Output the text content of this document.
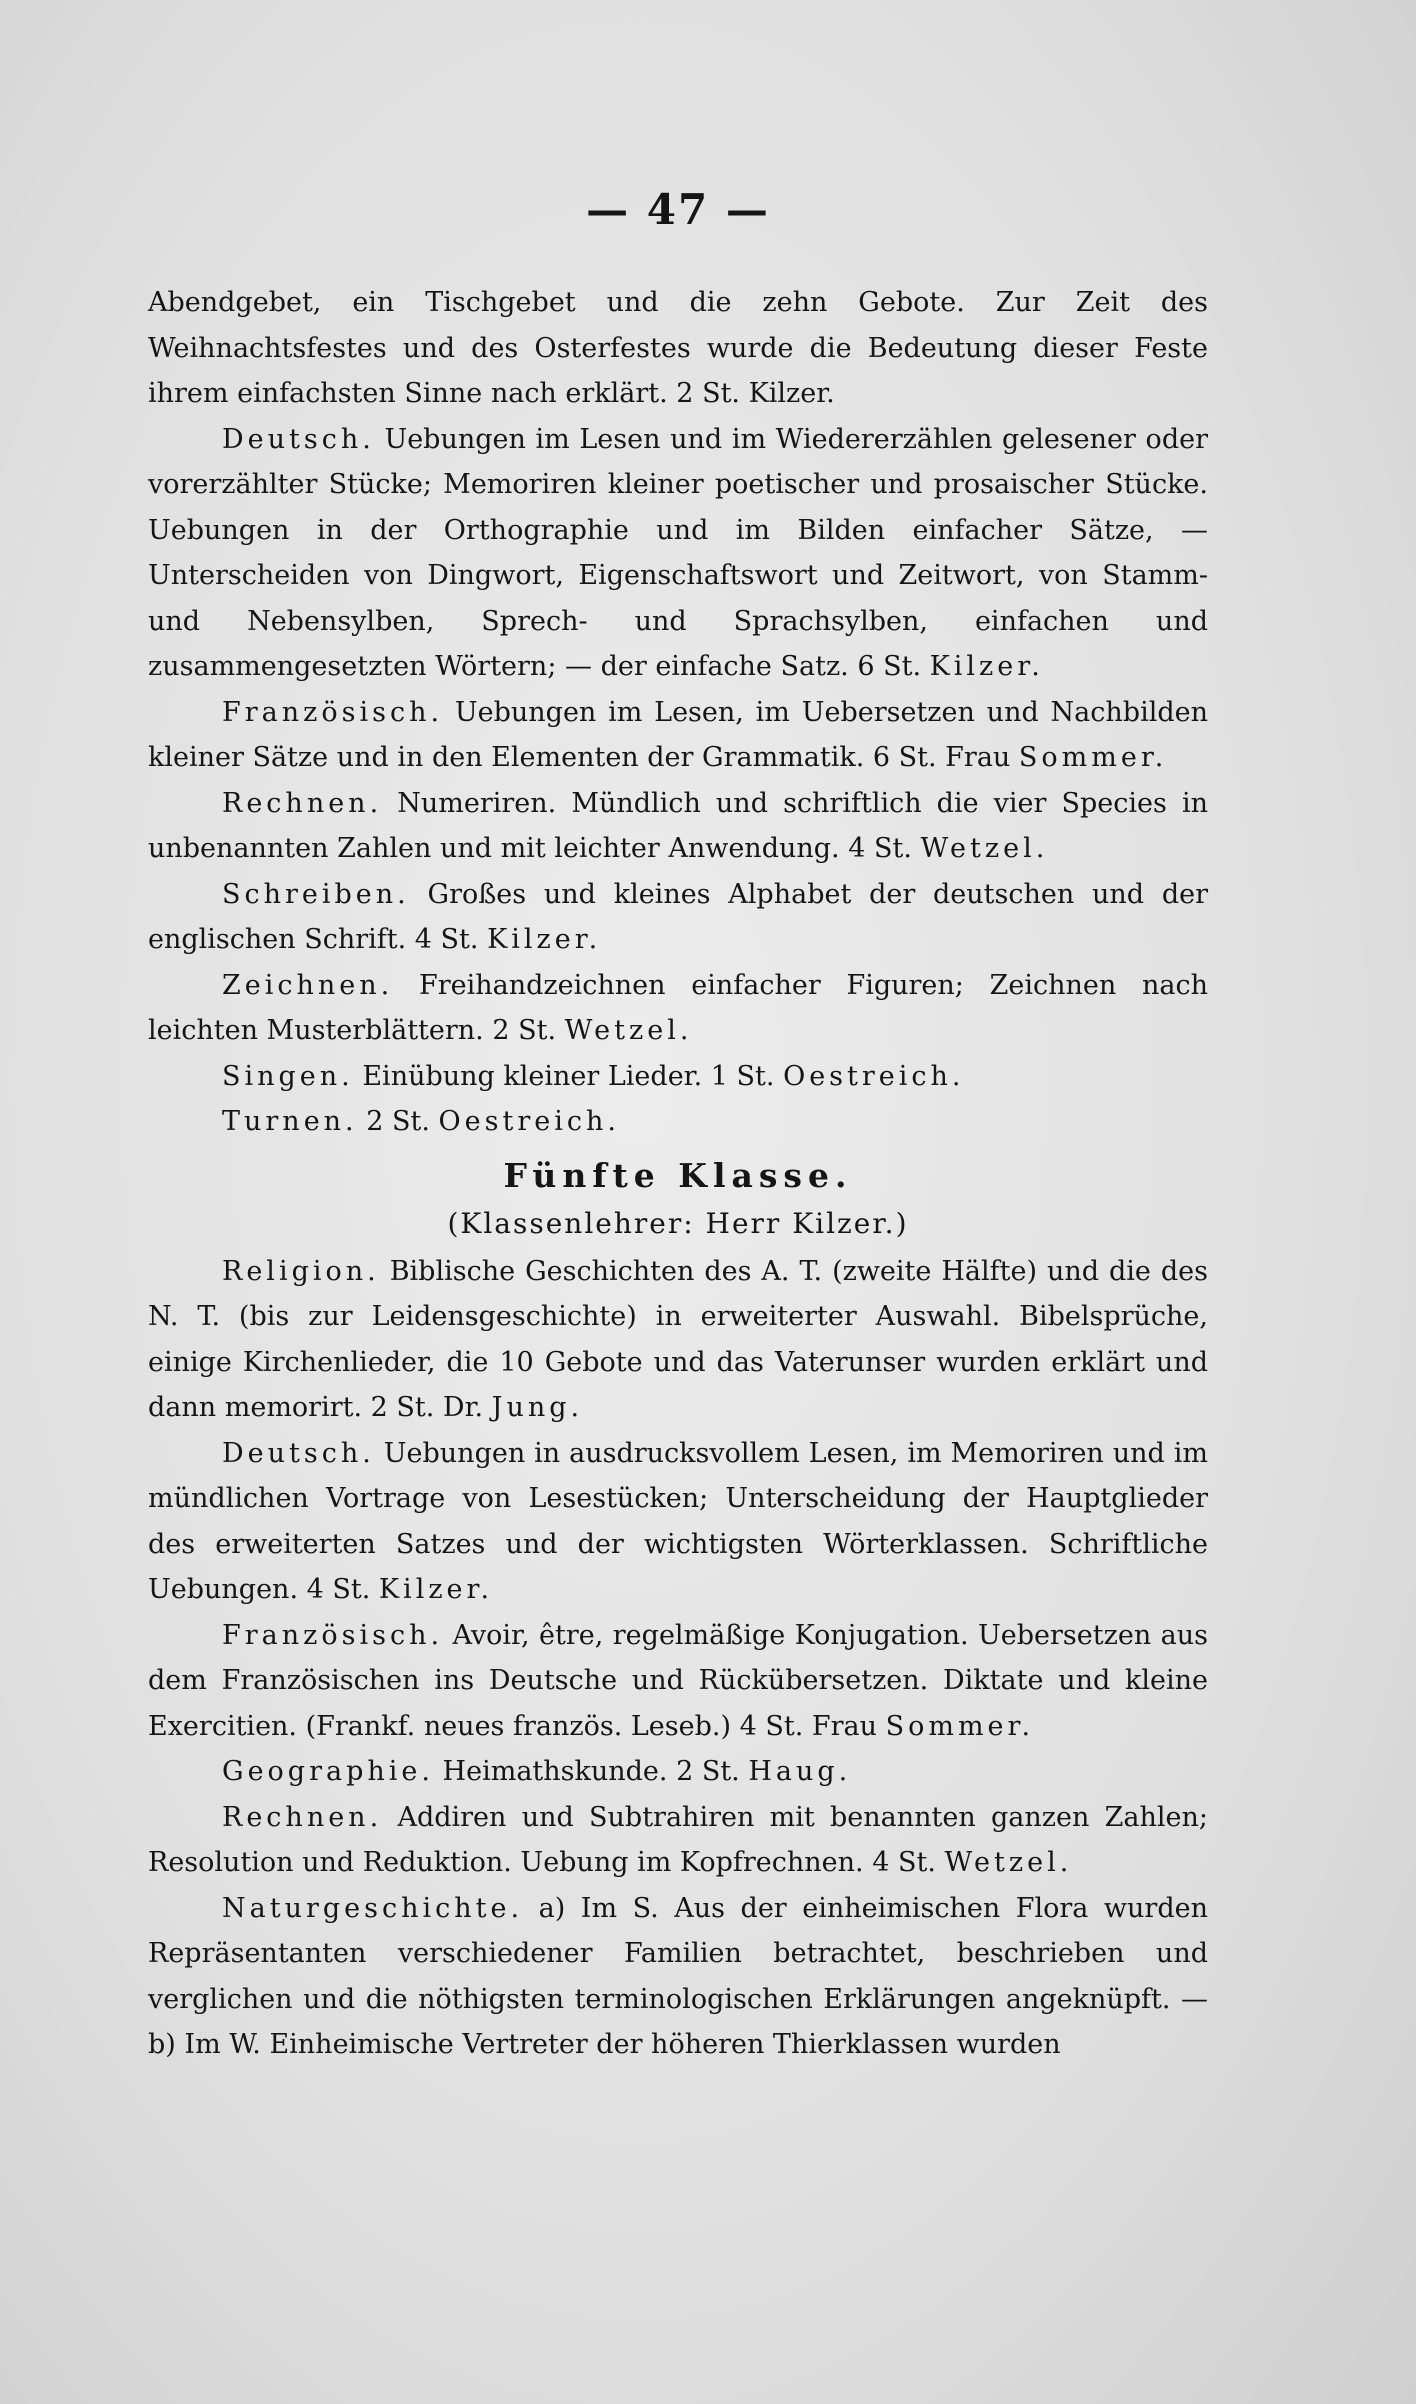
— 47 —

Abendgebet, ein Tischgebet und die zehn Gebote. Zur Zeit des Weihnachtsfestes und des Osterfestes wurde die Bedeutung dieser Feste ihrem einfachsten Sinne nach erklärt. 2 St. Kilzer.

Deutsch. Uebungen im Lesen und im Wiedererzählen gelesener oder vorerzählter Stücke; Memoriren kleiner poetischer und prosaischer Stücke. Uebungen in der Orthographie und im Bilden einfacher Sätze, — Unterscheiden von Dingwort, Eigenschaftswort und Zeitwort, von Stamm- und Nebensylben, Sprech- und Sprachsylben, einfachen und zusammengesetzten Wörtern; — der einfache Satz. 6 St. Kilzer.

Französisch. Uebungen im Lesen, im Uebersetzen und Nachbilden kleiner Sätze und in den Elementen der Grammatik. 6 St. Frau Sommer.

Rechnen. Numeriren. Mündlich und schriftlich die vier Species in unbenannten Zahlen und mit leichter Anwendung. 4 St. Wetzel.

Schreiben. Großes und kleines Alphabet der deutschen und der englischen Schrift. 4 St. Kilzer.

Zeichnen. Freihandzeichnen einfacher Figuren; Zeichnen nach leichten Musterblättern. 2 St. Wetzel.

Singen. Einübung kleiner Lieder. 1 St. Oestreich.

Turnen. 2 St. Oestreich.

Fünfte Klasse.
(Klassenlehrer: Herr Kilzer.)

Religion. Biblische Geschichten des A. T. (zweite Hälfte) und die des N. T. (bis zur Leidensgeschichte) in erweiterter Auswahl. Bibelsprüche, einige Kirchenlieder, die 10 Gebote und das Vaterunser wurden erklärt und dann memorirt. 2 St. Dr. Jung.

Deutsch. Uebungen in ausdrucksvollem Lesen, im Memoriren und im mündlichen Vortrage von Lesestücken; Unterscheidung der Hauptglieder des erweiterten Satzes und der wichtigsten Wörterklassen. Schriftliche Uebungen. 4 St. Kilzer.

Französisch. Avoir, être, regelmäßige Konjugation. Uebersetzen aus dem Französischen ins Deutsche und Rückübersetzen. Diktate und kleine Exercitien. (Frankf. neues französ. Leseb.) 4 St. Frau Sommer.

Geographie. Heimathskunde. 2 St. Haug.

Rechnen. Addiren und Subtrahiren mit benannten ganzen Zahlen; Resolution und Reduktion. Uebung im Kopfrechnen. 4 St. Wetzel.

Naturgeschichte. a) Im S. Aus der einheimischen Flora wurden Repräsentanten verschiedener Familien betrachtet, beschrieben und verglichen und die nöthigsten terminologischen Erklärungen angeknüpft. — b) Im W. Einheimische Vertreter der höheren Thierklassen wurden
